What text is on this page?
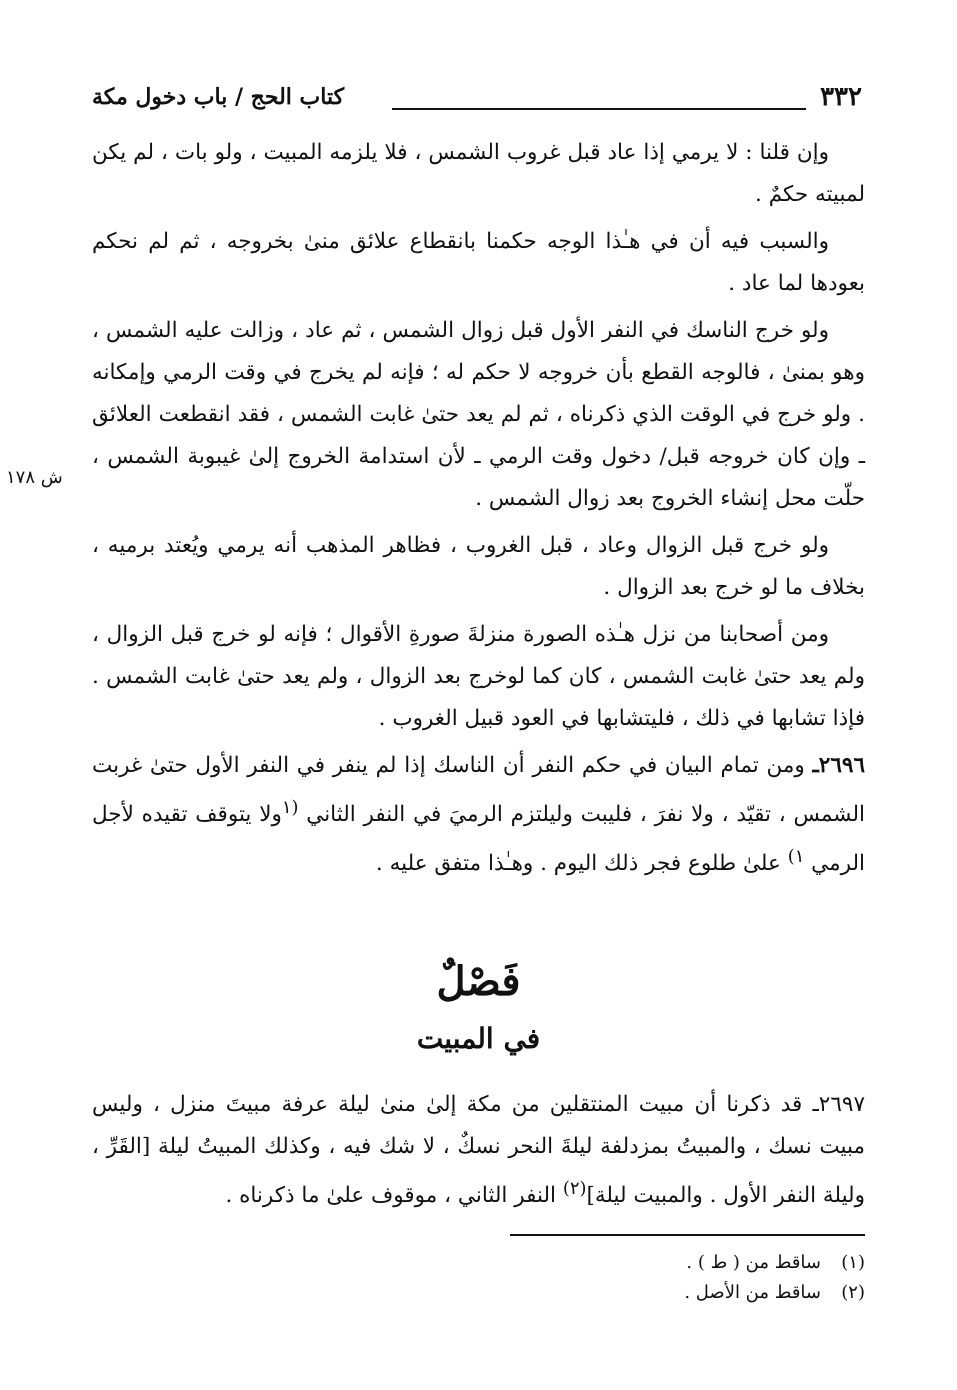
٣٣٢
كتاب الحج / باب دخول مكة

وإن قلنا : لا يرمي إذا عاد قبل غروب الشمس ، فلا يلزمه المبيت ، ولو بات ، لم يكن لمبيته حكمٌ .

والسبب فيه أن في هـٰذا الوجه حكمنا بانقطاع علائق منىٰ بخروجه ، ثم لم نحكم بعودها لما عاد .

ولو خرج الناسك في النفر الأول قبل زوال الشمس ، ثم عاد ، وزالت عليه الشمس ، وهو بمنىٰ ، فالوجه القطع بأن خروجه لا حكم له ؛ فإنه لم يخرج في وقت الرمي وإمكانه . ولو خرج في الوقت الذي ذكرناه ، ثم لم يعد حتىٰ غابت الشمس ، فقد انقطعت العلائق ـ وإن كان خروجه قبل/ دخول وقت الرمي ـ لأن استدامة الخروج إلىٰ غيبوبة الشمس ، حلّت محل إنشاء الخروج بعد زوال الشمس .

ولو خرج قبل الزوال وعاد ، قبل الغروب ، فظاهر المذهب أنه يرمي ويُعتد برميه ، بخلاف ما لو خرج بعد الزوال .

ومن أصحابنا من نزل هـٰذه الصورة منزلةَ صورةِ الأقوال ؛ فإنه لو خرج قبل الزوال ، ولم يعد حتىٰ غابت الشمس ، كان كما لوخرج بعد الزوال ، ولم يعد حتىٰ غابت الشمس . فإذا تشابها في ذلك ، فليتشابها في العود قبيل الغروب .

٢٦٩٦ـ ومن تمام البيان في حكم النفر أن الناسك إذا لم ينفر في النفر الأول حتىٰ غربت الشمس ، تقيّد ، ولا نفرَ ، فليبت وليلتزم الرميَ في النفر الثاني $^{(١}$ولا يتوقف تقيده لأجل الرمي $^{١)}$ علىٰ طلوع فجر ذلك اليوم . وهـٰذا متفق عليه .

ش ١٧٨
فَصْلٌ
في المبيت

٢٦٩٧ـ قد ذكرنا أن مبيت المنتقلين من مكة إلىٰ منىٰ ليلة عرفة مبيتَ منزل ، وليس مبيت نسك ، والمبيتُ بمزدلفة ليلةَ النحر نسكٌ ، لا شك فيه ، وكذلك المبيتُ ليلة [القَرِّ ، وليلة النفر الأول . والمبيت ليلة]$^{(٢)}$ النفر الثاني ، موقوف علىٰ ما ذكرناه .

(١)ساقط من ( ط ) .
(٢)ساقط من الأصل .
